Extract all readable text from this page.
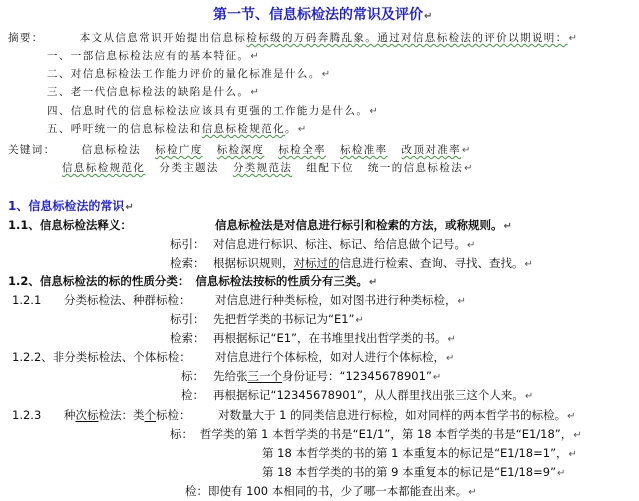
第一节、信息标检法的常识及评价↵
摘要：	本文从信息常识开始提出信息标检标级的万码奔腾乱象。通过对信息标检法的评价以期说明：↵
一、一部信息标检法应有的基本特征。↵
二、对信息标检法工作能力评价的量化标准是什么。↵
三、老一代信息标检法的缺陷是什么。↵
四、信息时代的信息标检法应该具有更强的工作能力是什么。↵
五、呼吁统一的信息标检法和信息标检规范化。↵
关键词： 信息标检法 标检广度 标检深度 标检全率 标检准率 改顶对准率↵
信息标检规范化 分类主题法 分类规范法 组配下位 统一的信息标检法↵
1、信息标检法的常识↵
1.1、信息标检法释义：	信息标检法是对信息进行标引和检索的方法，或称规则。↵
标引： 对信息进行标识、标注、标记、给信息做个记号。↵
检索： 根据标识规则，对标过的信息进行检索、查询、寻找、查找。↵
1.2、信息标检法的标的性质分类： 信息标检法按标的性质分有三类。↵
1.2.1 分类标检法、种群标检： 对信息进行种类标检，如对图书进行种类标检，↵
标引： 先把哲学类的书标记为“E1”↵
检索： 再根据标记“E1”，在书堆里找出哲学类的书。↵
1.2.2、非分类标检法、个体标检： 对信息进行个体标检，如对人进行个体标检，↵
标： 先给张三一个身份证号：“12345678901”↵
检： 再根据标记“12345678901”，从人群里找出张三这个人来。↵
1.2.3 种次标检法：类个标检： 对数量大于 1 的同类信息进行标检，如对同样的两本哲学书的标检。↵
标： 哲学类的第 1 本哲学类的书是“E1/1”，第 18 本哲学类的书是“E1/18”，↵
第 18 本哲学类的书的第 1 本重复本的标记是“E1/18=1”，↵
第 18 本哲学类的书的第 9 本重复本的标记是“E1/18=9”↵
检：即使有 100 本相同的书，少了哪一本都能查出来。↵
